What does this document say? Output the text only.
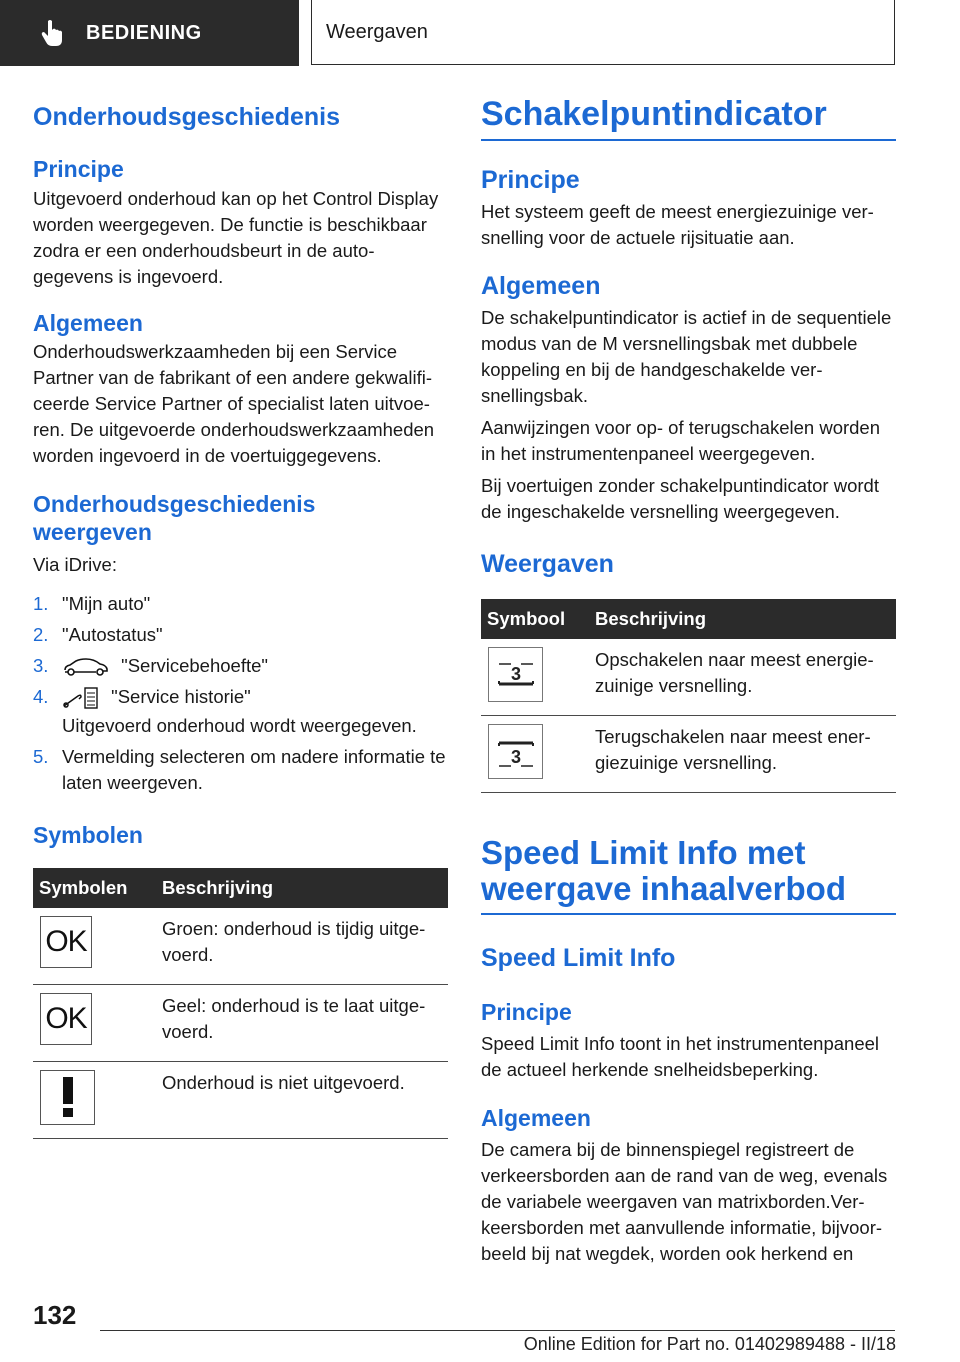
BEDIENING	Weergaven
Onderhoudsgeschiedenis
Principe

Uitgevoerd onderhoud kan op het Control Display worden weergegeven. De functie is beschikbaar zodra er een onderhoudsbeurt in de autogegevens is ingevoerd.

Algemeen

Onderhoudswerkzaamheden bij een Service Partner van de fabrikant of een andere gekwalificeerde Service Partner of specialist laten uitvoeren. De uitgevoerde onderhoudswerkzaamheden worden ingevoerd in de voertuiggegevens.

Onderhoudsgeschiedenis weergeven

Via iDrive:

1. "Mijn auto"
2. "Autostatus"
3.	"Servicebehoefte"
4.	"Service historie"
Uitgevoerd onderhoud wordt weergegeven.
5. Vermelding selecteren om nadere informatie te laten weergeven.
Symbolen
Symbolen	Beschrijving

OK	Groen: onderhoud is tijdig uitgevoerd.

OK	Geel: onderhoud is te laat uitgevoerd.

	Onderhoud is niet uitgevoerd.
Schakelpuntindicator
Principe

Het systeem geeft de meest energiezuinige versnelling voor de actuele rijsituatie aan.

Algemeen

De schakelpuntindicator is actief in de sequentiele modus van de M versnellingsbak met dubbele koppeling en bij de handgeschakelde versnellingsbak.

Aanwijzingen voor op- of terugschakelen worden in het instrumentenpaneel weergegeven.

Bij voertuigen zonder schakelpuntindicator wordt de ingeschakelde versnelling weergegeven.

Weergaven
Symbool	Beschrijving

3	Opschakelen naar meest energiezuinige versnelling.

3	Terugschakelen naar meest energiezuinige versnelling.
Speed Limit Info met weergave inhaalverbod
Speed Limit Info
Principe

Speed Limit Info toont in het instrumentenpaneel de actueel herkende snelheidsbeperking.

Algemeen

De camera bij de binnenspiegel registreert de verkeersborden aan de rand van de weg, evenals de variabele weergaven van matrixborden.Verkeersborden met aanvullende informatie, bijvoorbeeld bij nat wegdek, worden ook herkend en

132
Online Edition for Part no. 01402989488 - II/18
